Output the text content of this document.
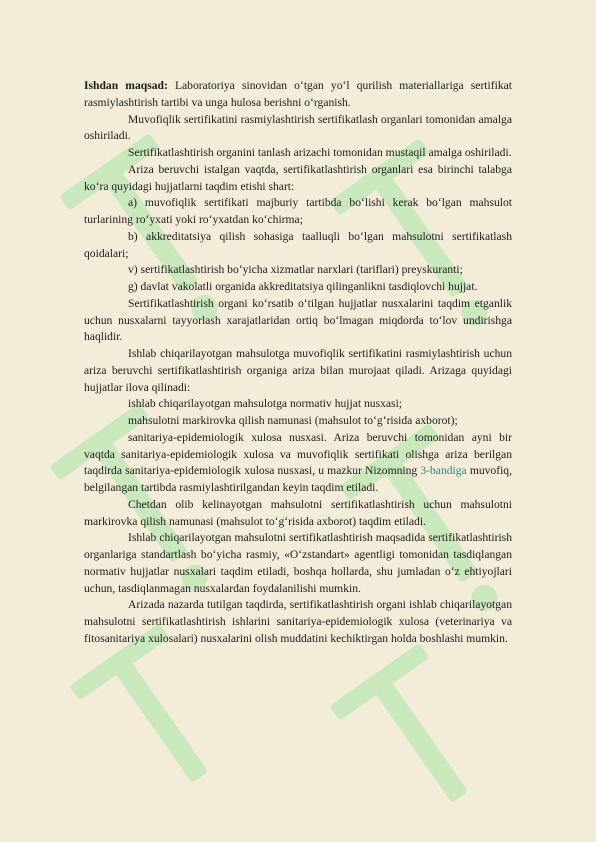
Ishdan maqsad: Laboratoriya sinovidan o‘tgan yo‘l qurilish materiallariga sertifikat rasmiylashtirish tartibi va unga hulosa berishni o‘rganish.

Muvofiqlik sertifikatini rasmiylashtirish sertifikatlash organlari tomonidan amalga oshiriladi.

Sertifikatlashtirish organini tanlash arizachi tomonidan mustaqil amalga oshiriladi.

Ariza beruvchi istalgan vaqtda, sertifikatlashtirish organlari esa birinchi talabga ko‘ra quyidagi hujjatlarni taqdim etishi shart:

a) muvofiqlik sertifikati majburiy tartibda bo‘lishi kerak bo‘lgan mahsulot turlarining ro‘yxati yoki ro‘yxatdan ko‘chirma;

b) akkreditatsiya qilish sohasiga taalluqli bo‘lgan mahsulotni sertifikatlash qoidalari;

v) sertifikatlashtirish bo‘yicha xizmatlar narxlari (tariflari) preyskuranti;

g) davlat vakolatli organida akkreditatsiya qilinganlikni tasdiqlovchi hujjat.

Sertifikatlashtirish organi ko‘rsatib o‘tilgan hujjatlar nusxalarini taqdim etganlik uchun nusxalarni tayyorlash xarajatlaridan ortiq bo‘lmagan miqdorda to‘lov undirishga haqlidir.

Ishlab chiqarilayotgan mahsulotga muvofiqlik sertifikatini rasmiylashtirish uchun ariza beruvchi sertifikatlashtirish organiga ariza bilan murojaat qiladi. Arizaga quyidagi hujjatlar ilova qilinadi:

ishlab chiqarilayotgan mahsulotga normativ hujjat nusxasi;

mahsulotni markirovka qilish namunasi (mahsulot to‘g‘risida axborot);

sanitariya-epidemiologik xulosa nusxasi. Ariza beruvchi tomonidan ayni bir vaqtda sanitariya-epidemiologik xulosa va muvofiqlik sertifikati olishga ariza berilgan taqdirda sanitariya-epidemiologik xulosa nusxasi, u mazkur Nizomning 3-bandiga muvofiq, belgilangan tartibda rasmiylashtirilgandan keyin taqdim etiladi.

Chetdan olib kelinayotgan mahsulotni sertifikatlashtirish uchun mahsulotni markirovka qilish namunasi (mahsulot to‘g‘risida axborot) taqdim etiladi.

Ishlab chiqarilayotgan mahsulotni sertifikatlashtirish maqsadida sertifikatlashtirish organlariga standartlash bo‘yicha rasmiy, «O‘zstandart» agentligi tomonidan tasdiqlangan normativ hujjatlar nusxalari taqdim etiladi, boshqa hollarda, shu jumladan o‘z ehtiyojlari uchun, tasdiqlanmagan nusxalardan foydalanilishi mumkin.

Arizada nazarda tutilgan taqdirda, sertifikatlashtirish organi ishlab chiqarilayotgan mahsulotni sertifikatlashtirish ishlarini sanitariya-epidemiologik xulosa (veterinariya va fitosanitariya xulosalari) nusxalarini olish muddatini kechiktirgan holda boshlashi mumkin.
